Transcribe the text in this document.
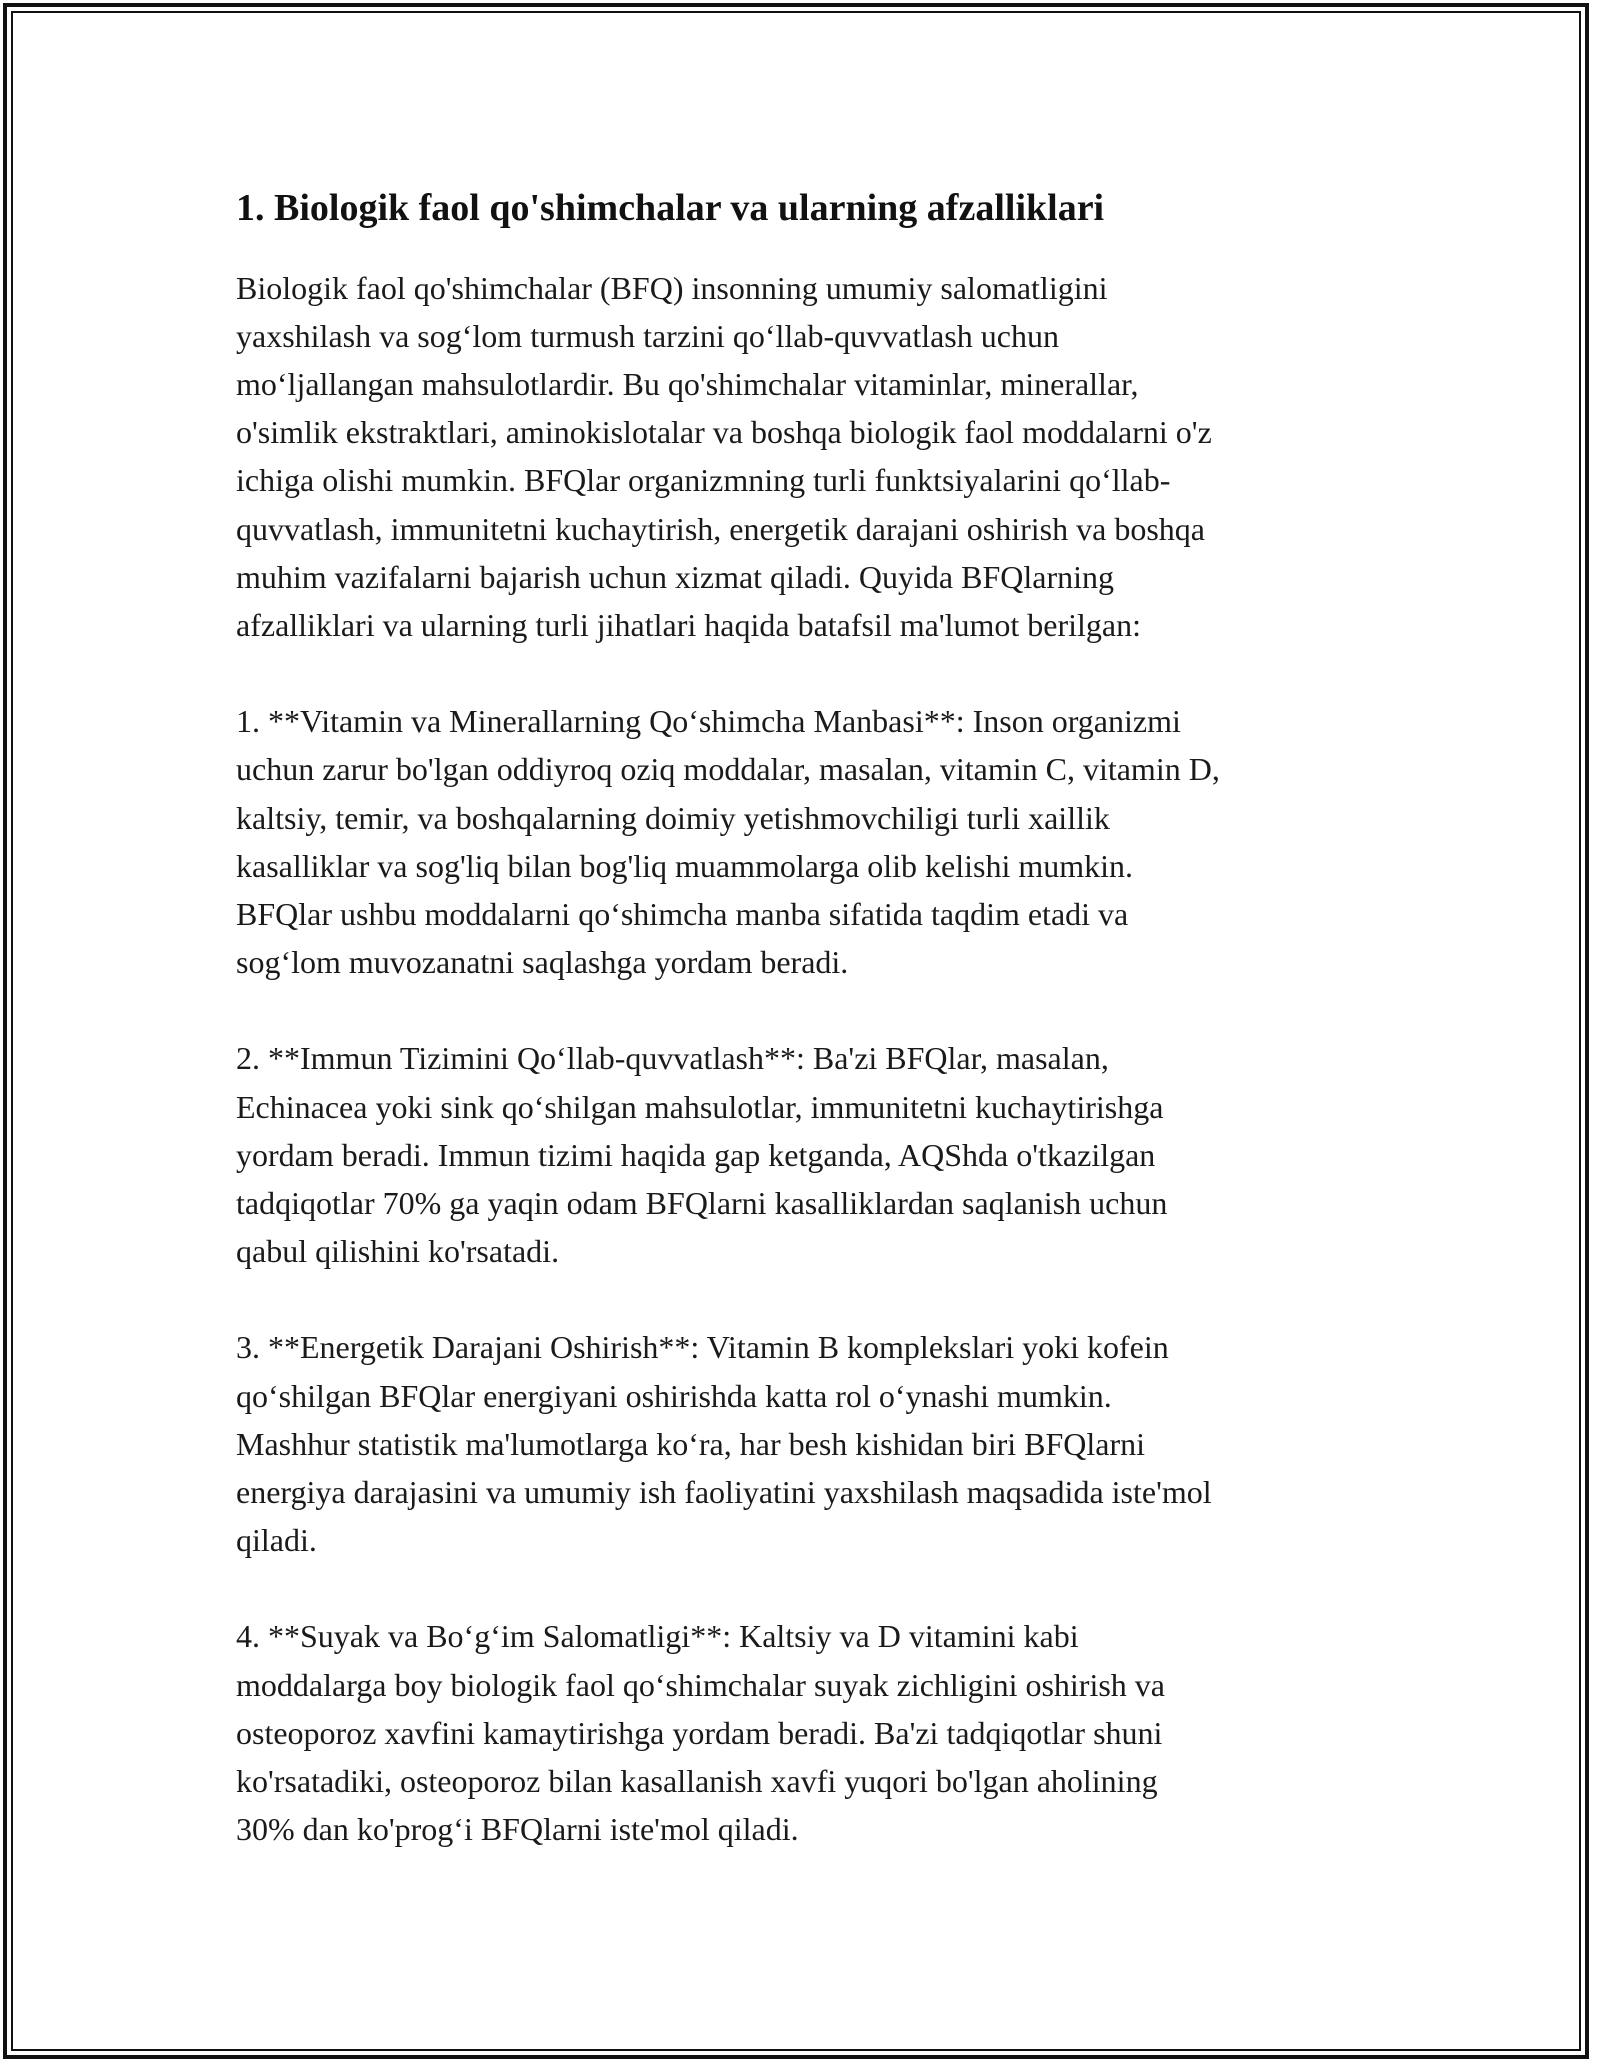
1. Biologik faol qo'shimchalar va ularning afzalliklari

Biologik faol qo'shimchalar (BFQ) insonning umumiy salomatligini
yaxshilash va sog‘lom turmush tarzini qo‘llab-quvvatlash uchun
mo‘ljallangan mahsulotlardir. Bu qo'shimchalar vitaminlar, minerallar,
o'simlik ekstraktlari, aminokislotalar va boshqa biologik faol moddalarni o'z
ichiga olishi mumkin. BFQlar organizmning turli funktsiyalarini qo‘llab-
quvvatlash, immunitetni kuchaytirish, energetik darajani oshirish va boshqa
muhim vazifalarni bajarish uchun xizmat qiladi. Quyida BFQlarning
afzalliklari va ularning turli jihatlari haqida batafsil ma'lumot berilgan:

1. **Vitamin va Minerallarning Qo‘shimcha Manbasi**: Inson organizmi
uchun zarur bo'lgan oddiyroq oziq moddalar, masalan, vitamin C, vitamin D,
kaltsiy, temir, va boshqalarning doimiy yetishmovchiligi turli xaillik
kasalliklar va sog'liq bilan bog'liq muammolarga olib kelishi mumkin.
BFQlar ushbu moddalarni qo‘shimcha manba sifatida taqdim etadi va
sog‘lom muvozanatni saqlashga yordam beradi.

2. **Immun Tizimini Qo‘llab-quvvatlash**: Ba'zi BFQlar, masalan,
Echinacea yoki sink qo‘shilgan mahsulotlar, immunitetni kuchaytirishga
yordam beradi. Immun tizimi haqida gap ketganda, AQShda o'tkazilgan
tadqiqotlar 70% ga yaqin odam BFQlarni kasalliklardan saqlanish uchun
qabul qilishini ko'rsatadi.

3. **Energetik Darajani Oshirish**: Vitamin B komplekslari yoki kofein
qo‘shilgan BFQlar energiyani oshirishda katta rol o‘ynashi mumkin.
Mashhur statistik ma'lumotlarga ko‘ra, har besh kishidan biri BFQlarni
energiya darajasini va umumiy ish faoliyatini yaxshilash maqsadida iste'mol
qiladi.

4. **Suyak va Bo‘g‘im Salomatligi**: Kaltsiy va D vitamini kabi
moddalarga boy biologik faol qo‘shimchalar suyak zichligini oshirish va
osteoporoz xavfini kamaytirishga yordam beradi. Ba'zi tadqiqotlar shuni
ko'rsatadiki, osteoporoz bilan kasallanish xavfi yuqori bo'lgan aholining
30% dan ko'prog‘i BFQlarni iste'mol qiladi.
